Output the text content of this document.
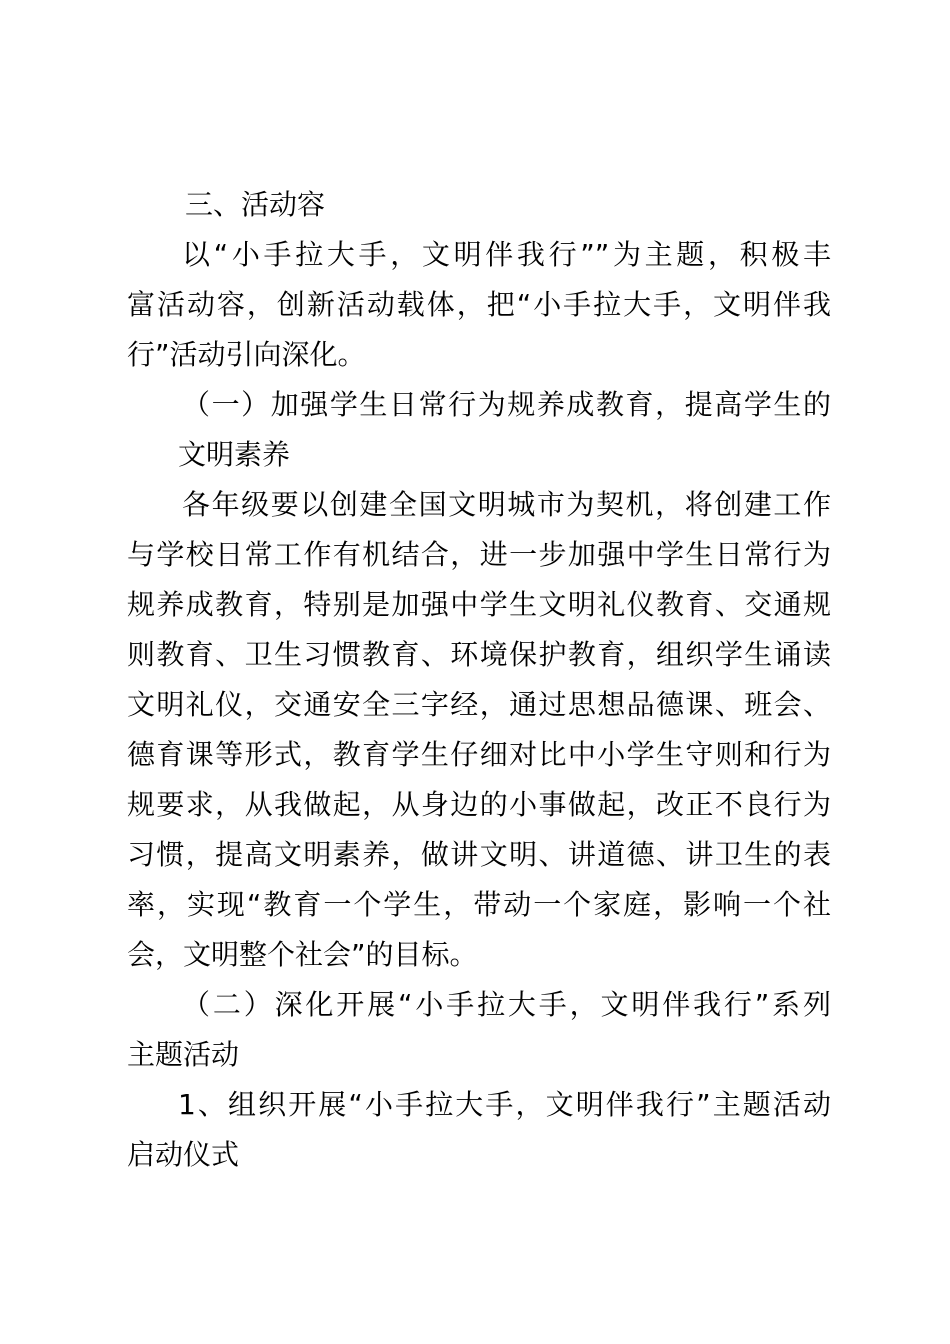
三、活动容
以“小手拉大手，文明伴我行””为主题，积极丰
富活动容，创新活动载体，把“小手拉大手，文明伴我
行”活动引向深化。
（一）加强学生日常行为规养成教育，提高学生的
文明素养
各年级要以创建全国文明城市为契机，将创建工作
与学校日常工作有机结合，进一步加强中学生日常行为
规养成教育，特别是加强中学生文明礼仪教育、交通规
则教育、卫生习惯教育、环境保护教育，组织学生诵读
文明礼仪，交通安全三字经，通过思想品德课、班会、
德育课等形式，教育学生仔细对比中小学生守则和行为
规要求，从我做起，从身边的小事做起，改正不良行为
习惯，提高文明素养，做讲文明、讲道德、讲卫生的表
率，实现“教育一个学生，带动一个家庭，影响一个社
会，文明整个社会”的目标。
（二）深化开展“小手拉大手，文明伴我行”系列
主题活动
1、组织开展“小手拉大手，文明伴我行”主题活动
启动仪式
